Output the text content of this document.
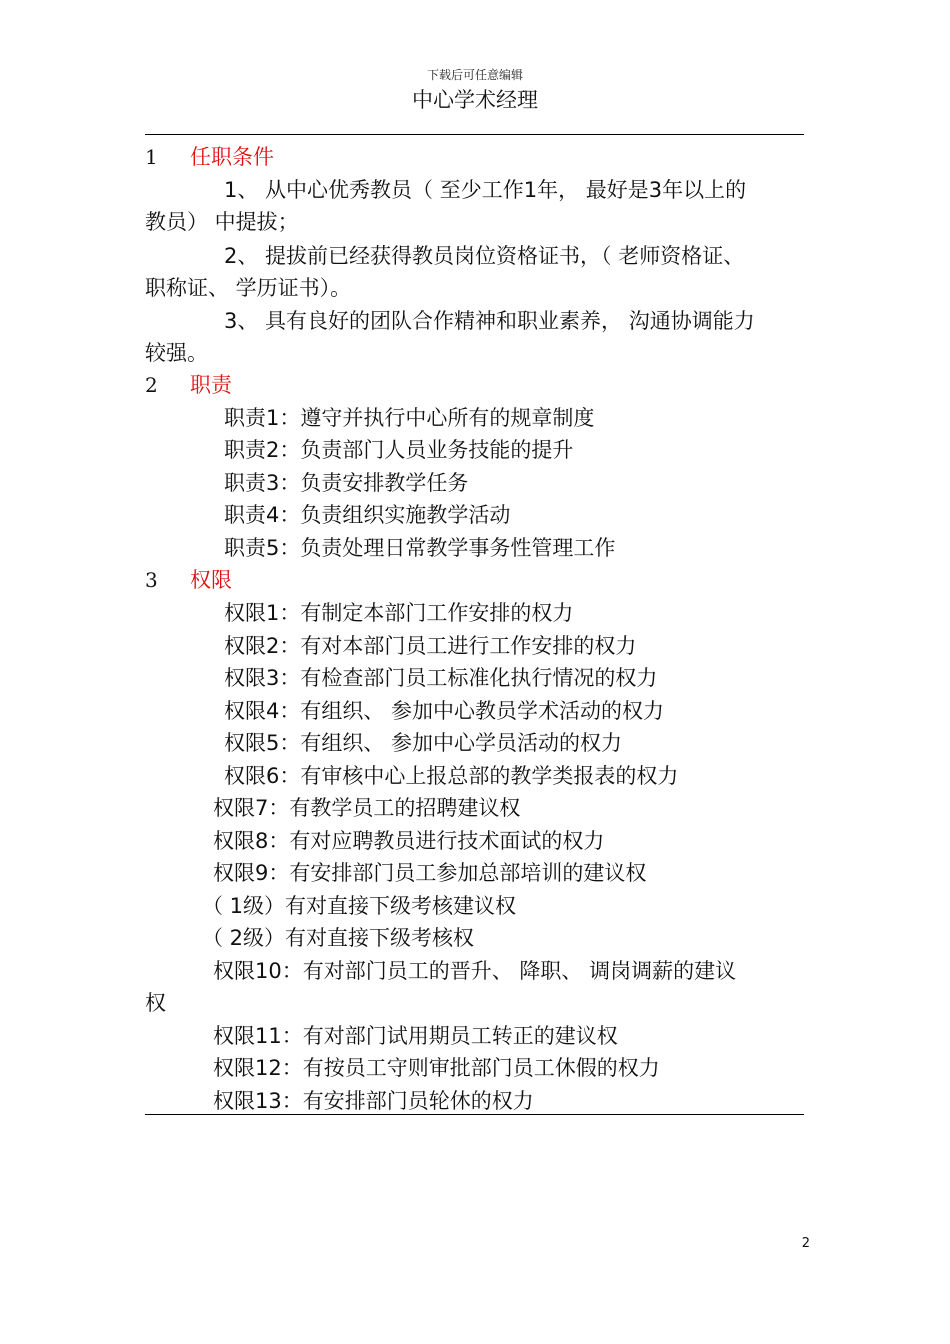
下载后可任意编辑
中心学术经理
1 任职条件
1、 从中心优秀教员（ 至少工作1年， 最好是3年以上的
教员） 中提拔；
2、 提拔前已经获得教员岗位资格证书，（ 老师资格证、
职称证、 学历证书）。
3、 具有良好的团队合作精神和职业素养， 沟通协调能力
较强。
2 职责
职责1：遵守并执行中心所有的规章制度
职责2：负责部门人员业务技能的提升
职责3：负责安排教学任务
职责4：负责组织实施教学活动
职责5：负责处理日常教学事务性管理工作
3 权限
权限1：有制定本部门工作安排的权力
权限2：有对本部门员工进行工作安排的权力
权限3：有检查部门员工标准化执行情况的权力
权限4：有组织、 参加中心教员学术活动的权力
权限5：有组织、 参加中心学员活动的权力
权限6：有审核中心上报总部的教学类报表的权力
权限7：有教学员工的招聘建议权
权限8：有对应聘教员进行技术面试的权力
权限9：有安排部门员工参加总部培训的建议权
（ 1级）有对直接下级考核建议权
（ 2级）有对直接下级考核权
权限10：有对部门员工的晋升、 降职、 调岗调薪的建议
权
权限11：有对部门试用期员工转正的建议权
权限12：有按员工守则审批部门员工休假的权力
权限13：有安排部门员轮休的权力
2
